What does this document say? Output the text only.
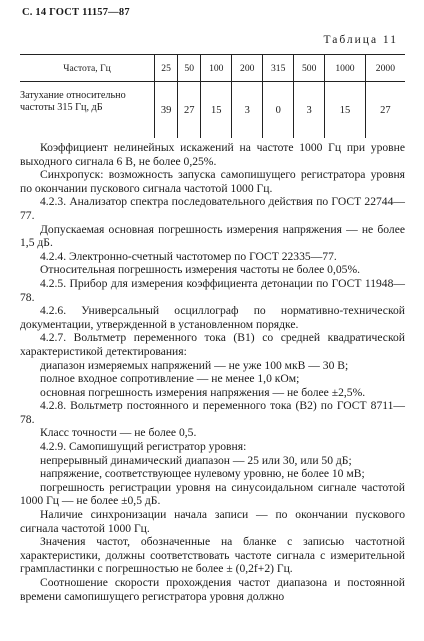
С. 14 ГОСТ 11157—87
Таблица 11
Частота, Гц	25	50	100	200	315	500	1000	2000
Затухание относительно частоты 315 Гц, дБ	39	27	15	3	0	3	15	27

Коэффициент нелинейных искажений на частоте 1000 Гц при уровне выходного сигнала 6 В, не более 0,25%.

Синхропуск: возможность запуска самопишущего регистратора уровня по окончании пускового сигнала частотой 1000 Гц.

4.2.3. Анализатор спектра последовательного действия по ГОСТ 22744—77.

Допускаемая основная погрешность измерения напряжения — не более 1,5 дБ.

4.2.4. Электронно-счетный частотомер по ГОСТ 22335—77.

Относительная погрешность измерения частоты не более 0,05%.

4.2.5. Прибор для измерения коэффициента детонации по ГОСТ 11948—78.

4.2.6. Универсальный осциллограф по нормативно-технической документации, утвержденной в установленном порядке.

4.2.7. Вольтметр переменного тока (В1) со средней квадратической характеристикой детектирования:

диапазон измеряемых напряжений — не уже 100 мкВ — 30 В;

полное входное сопротивление — не менее 1,0 кОм;

основная погрешность измерения напряжения — не более ±2,5%.

4.2.8. Вольтметр постоянного и переменного тока (В2) по ГОСТ 8711—78.

Класс точности — не более 0,5.

4.2.9. Самопишущий регистратор уровня:

непрерывный динамический диапазон — 25 или 30, или 50 дБ;

напряжение, соответствующее нулевому уровню, не более 10 мВ;

погрешность регистрации уровня на синусоидальном сигнале частотой 1000 Гц — не более ±0,5 дБ.

Наличие синхронизации начала записи — по окончании пускового сигнала частотой 1000 Гц.

Значения частот, обозначенные на бланке с записью частотной характеристики, должны соответствовать частоте сигнала с измерительной грампластинки с погрешностью не более ± (0,2f+2) Гц.

Соотношение скорости прохождения частот диапазона и постоянной времени самопишущего регистратора уровня должно
